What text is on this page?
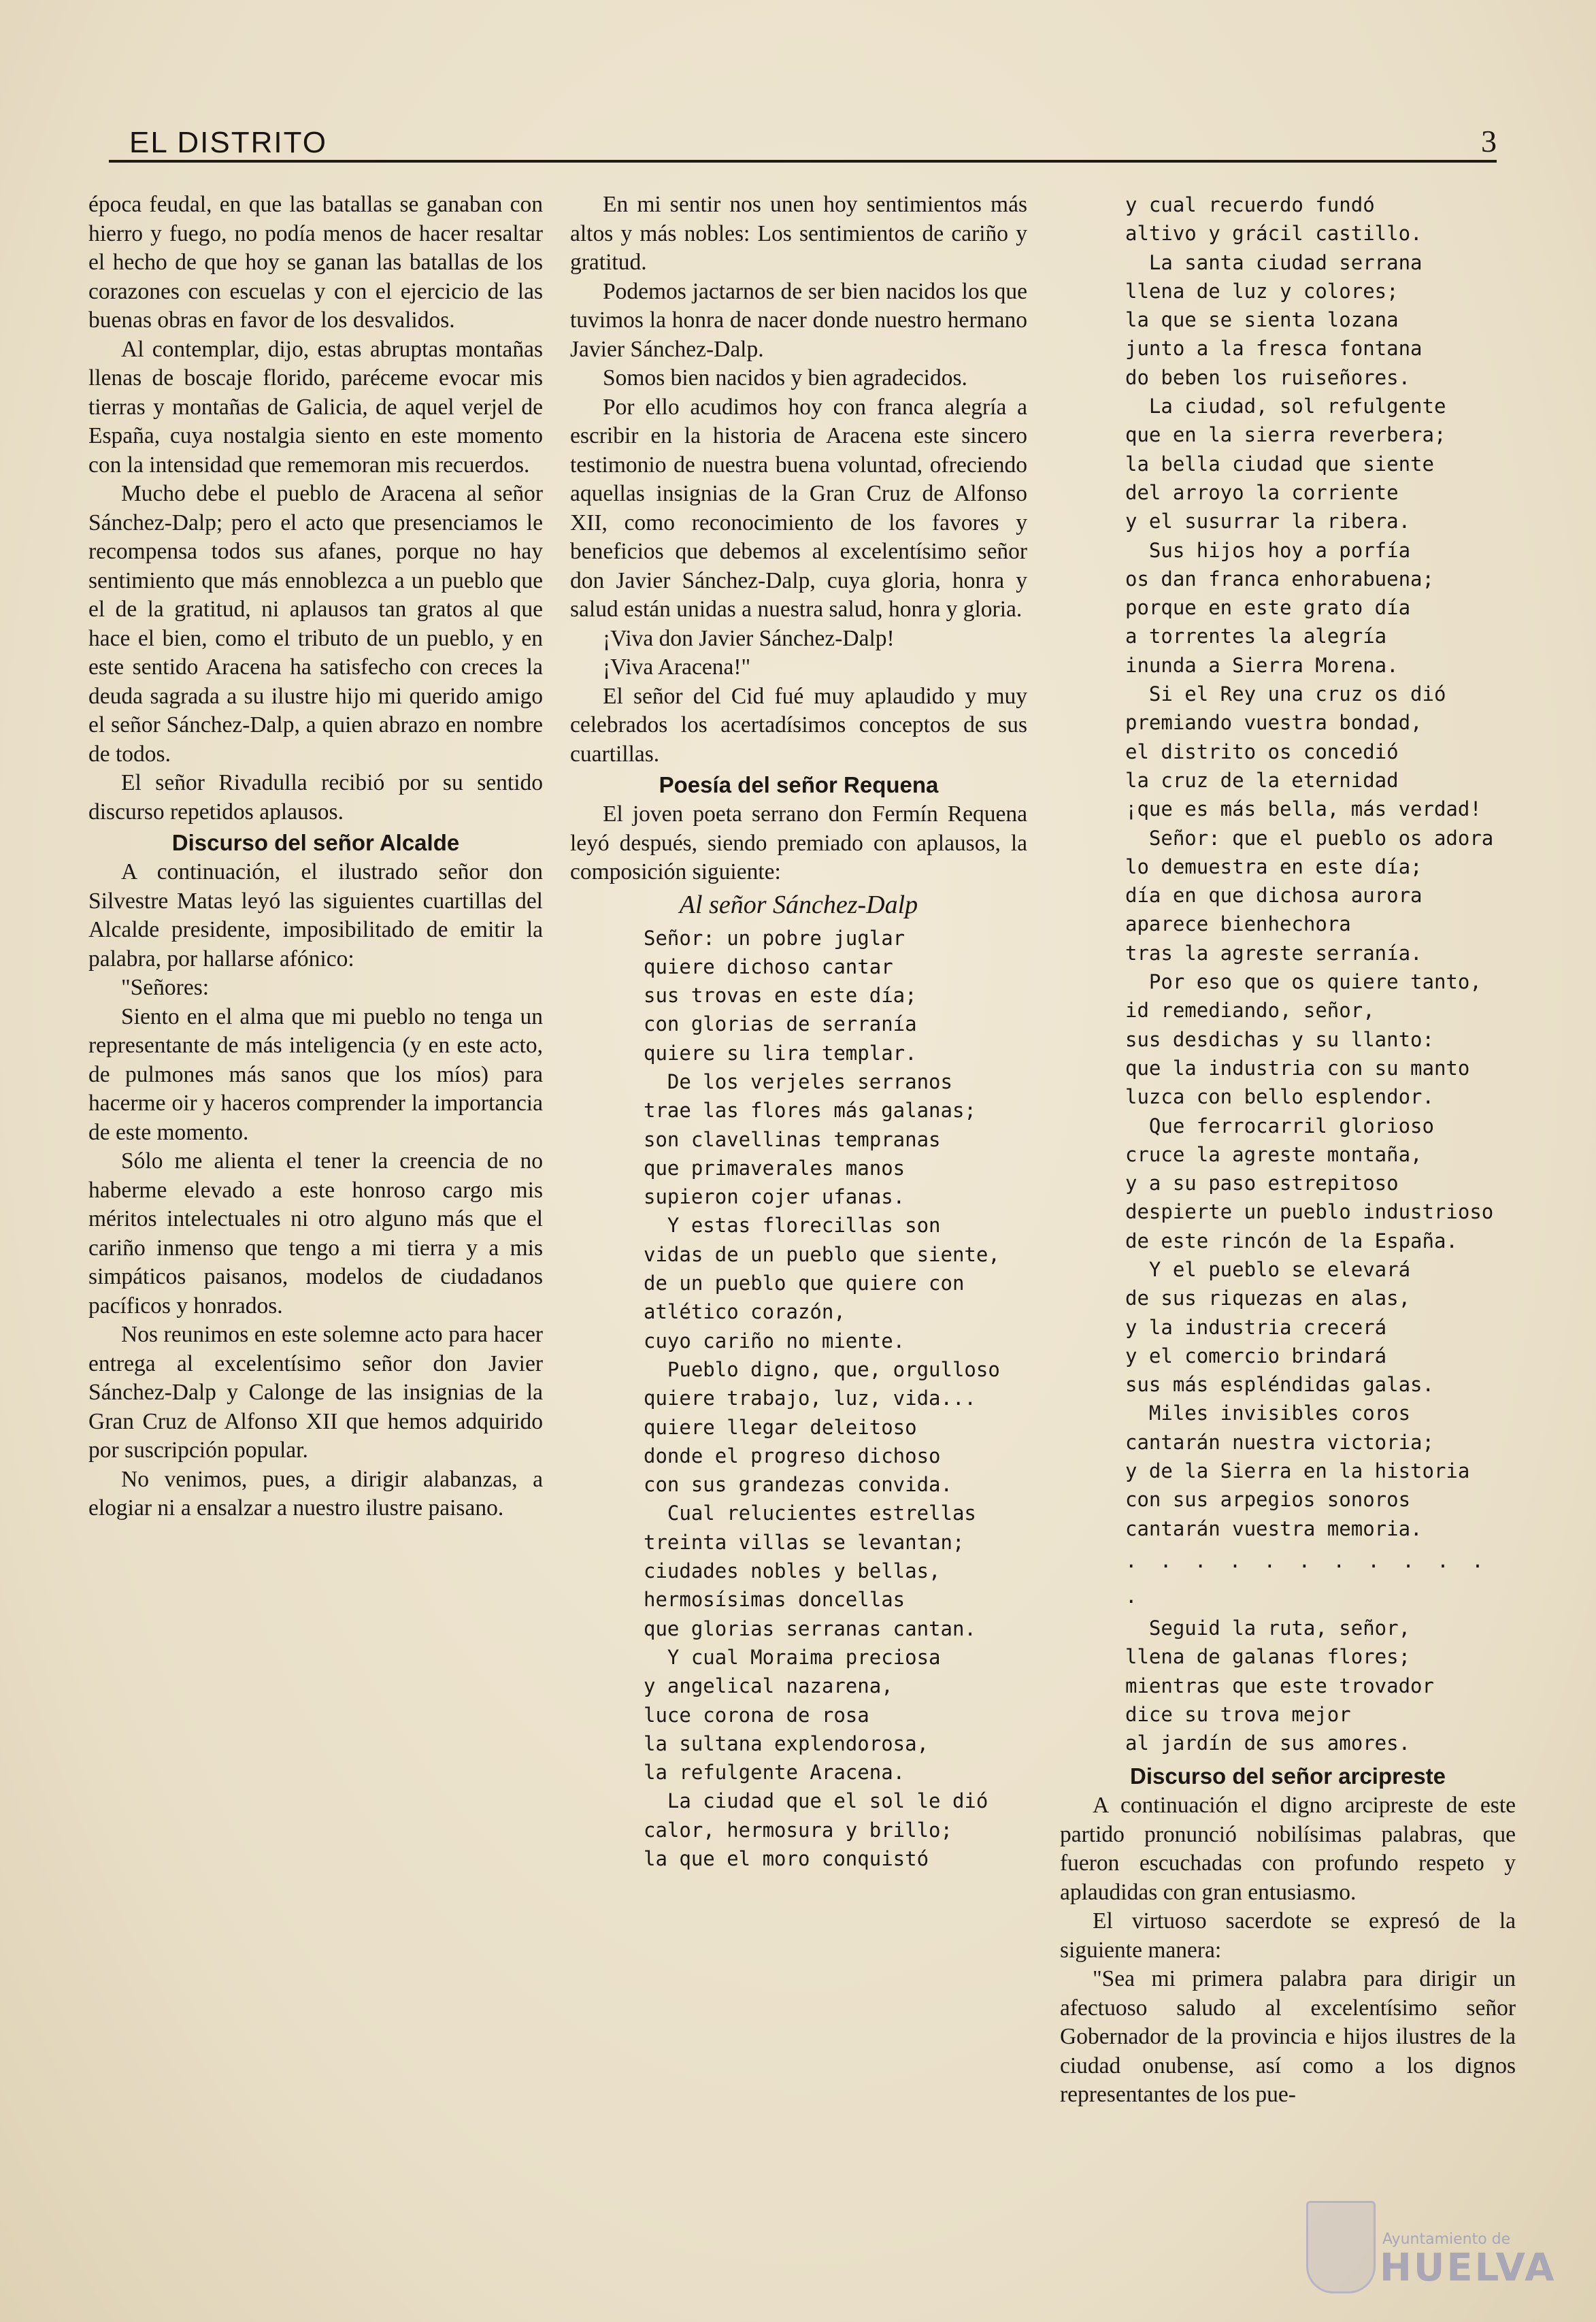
EL DISTRITO	3

época feudal, en que las batallas se ganaban con hierro y fuego, no podía menos de hacer resaltar el hecho de que hoy se ganan las batallas de los corazones con escuelas y con el ejercicio de las buenas obras en favor de los desvalidos.

Al contemplar, dijo, estas abruptas montañas llenas de boscaje florido, paréceme evocar mis tierras y montañas de Galicia, de aquel verjel de España, cuya nostalgia siento en este momento con la intensidad que rememoran mis recuerdos.

Mucho debe el pueblo de Aracena al señor Sánchez-Dalp; pero el acto que presenciamos le recompensa todos sus afanes, porque no hay sentimiento que más ennoblezca a un pueblo que el de la gratitud, ni aplausos tan gratos al que hace el bien, como el tributo de un pueblo, y en este sentido Aracena ha satisfecho con creces la deuda sagrada a su ilustre hijo mi querido amigo el señor Sánchez-Dalp, a quien abrazo en nombre de todos.

El señor Rivadulla recibió por su sentido discurso repetidos aplausos.

Discurso del señor Alcalde

A continuación, el ilustrado señor don Silvestre Matas leyó las siguientes cuartillas del Alcalde presidente, imposibilitado de emitir la palabra, por hallarse afónico:

"Señores:

Siento en el alma que mi pueblo no tenga un representante de más inteligencia (y en este acto, de pulmones más sanos que los míos) para hacerme oir y haceros comprender la importancia de este momento.

Sólo me alienta el tener la creencia de no haberme elevado a este honroso cargo mis méritos intelectuales ni otro alguno más que el cariño inmenso que tengo a mi tierra y a mis simpáticos paisanos, modelos de ciudadanos pacíficos y honrados.

Nos reunimos en este solemne acto para hacer entrega al excelentísimo señor don Javier Sánchez-Dalp y Calonge de las insignias de la Gran Cruz de Alfonso XII que hemos adquirido por suscripción popular.

No venimos, pues, a dirigir alabanzas, a elogiar ni a ensalzar a nuestro ilustre paisano.

En mi sentir nos unen hoy sentimientos más altos y más nobles: Los sentimientos de cariño y gratitud.

Podemos jactarnos de ser bien nacidos los que tuvimos la honra de nacer donde nuestro hermano Javier Sánchez-Dalp.

Somos bien nacidos y bien agradecidos.

Por ello acudimos hoy con franca alegría a escribir en la historia de Aracena este sincero testimonio de nuestra buena voluntad, ofreciendo aquellas insignias de la Gran Cruz de Alfonso XII, como reconocimiento de los favores y beneficios que debemos al excelentísimo señor don Javier Sánchez-Dalp, cuya gloria, honra y salud están unidas a nuestra salud, honra y gloria.

¡Viva don Javier Sánchez-Dalp!

¡Viva Aracena!"

El señor del Cid fué muy aplaudido y muy celebrados los acertadísimos conceptos de sus cuartillas.

Poesía del señor Requena

El joven poeta serrano don Fermín Requena leyó después, siendo premiado con aplausos, la composición siguiente:

Al señor Sánchez-Dalp
Señor: un pobre juglar
quiere dichoso cantar
sus trovas en este día;
con glorias de serranía
quiere su lira templar.
De los verjeles serranos
trae las flores más galanas;
son clavellinas tempranas
que primaverales manos
supieron cojer ufanas.
Y estas florecillas son
vidas de un pueblo que siente,
de un pueblo que quiere con
atlético corazón,
cuyo cariño no miente.
Pueblo digno, que, orgulloso
quiere trabajo, luz, vida...
quiere llegar deleitoso
donde el progreso dichoso
con sus grandezas convida.
Cual relucientes estrellas
treinta villas se levantan;
ciudades nobles y bellas,
hermosísimas doncellas
que glorias serranas cantan.
Y cual Moraima preciosa
y angelical nazarena,
luce corona de rosa
la sultana explendorosa,
la refulgente Aracena.
La ciudad que el sol le dió
calor, hermosura y brillo;
la que el moro conquistó
y cual recuerdo fundó
altivo y grácil castillo.
La santa ciudad serrana
llena de luz y colores;
la que se sienta lozana
junto a la fresca fontana
do beben los ruiseñores.
La ciudad, sol refulgente
que en la sierra reverbera;
la bella ciudad que siente
del arroyo la corriente
y el susurrar la ribera.
Sus hijos hoy a porfía
os dan franca enhorabuena;
porque en este grato día
a torrentes la alegría
inunda a Sierra Morena.
Si el Rey una cruz os dió
premiando vuestra bondad,
el distrito os concedió
la cruz de la eternidad
¡que es más bella, más verdad!
Señor: que el pueblo os adora
lo demuestra en este día;
día en que dichosa aurora
aparece bienhechora
tras la agreste serranía.
Por eso que os quiere tanto,
id remediando, señor,
sus desdichas y su llanto:
que la industria con su manto
luzca con bello esplendor.
Que ferrocarril glorioso
cruce la agreste montaña,
y a su paso estrepitoso
despierte un pueblo industrioso
de este rincón de la España.
Y el pueblo se elevará
de sus riquezas en alas,
y la industria crecerá
y el comercio brindará
sus más espléndidas galas.
Miles invisibles coros
cantarán nuestra victoria;
y de la Sierra en la historia
con sus arpegios sonoros
cantarán vuestra memoria.
. . . . . . . . . . . .
Seguid la ruta, señor,
llena de galanas flores;
mientras que este trovador
dice su trova mejor
al jardín de sus amores.
Discurso del señor arcipreste

A continuación el digno arcipreste de este partido pronunció nobilísimas palabras, que fueron escuchadas con profundo respeto y aplaudidas con gran entusiasmo.

El virtuoso sacerdote se expresó de la siguiente manera:

"Sea mi primera palabra para dirigir un afectuoso saludo al excelentísimo señor Gobernador de la provincia e hijos ilustres de la ciudad onubense, así como a los dignos representantes de los pue-

Ayuntamiento de
HUELVA
